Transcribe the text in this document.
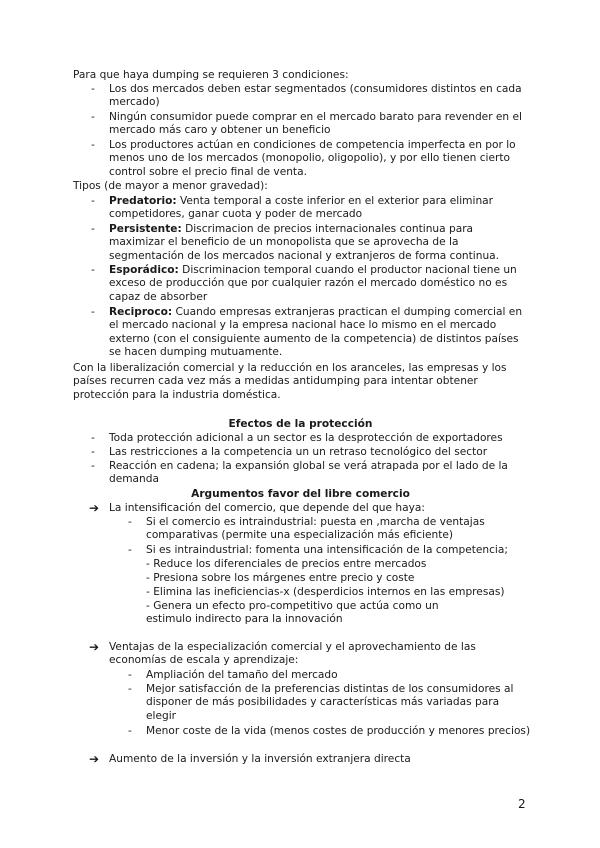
Para que haya dumping se requieren 3 condiciones:
- Los dos mercados deben estar segmentados (consumidores distintos en cada mercado)
- Ningún consumidor puede comprar en el mercado barato para revender en el mercado más caro y obtener un beneficio
- Los productores actúan en condiciones de competencia imperfecta en por lo menos uno de los mercados (monopolio, oligopolio), y por ello tienen cierto control sobre el precio final de venta.
Tipos (de mayor a menor gravedad):
- Predatorio: Venta temporal a coste inferior en el exterior para eliminar competidores, ganar cuota y poder de mercado
- Persistente: Discrimacion de precios internacionales continua para maximizar el beneficio de un monopolista que se aprovecha de la segmentación de los mercados nacional y extranjeros de forma continua.
- Esporádico: Discriminacion temporal cuando el productor nacional tiene un exceso de producción que por cualquier razón el mercado doméstico no es capaz de absorber
- Reciproco: Cuando empresas extranjeras practican el dumping comercial en el mercado nacional y la empresa nacional hace lo mismo en el mercado externo (con el consiguiente aumento de la competencia) de distintos países se hacen dumping mutuamente.
Con la liberalización comercial y la reducción en los aranceles, las empresas y los países recurren cada vez más a medidas antidumping para intentar obtener protección para la industria doméstica.
Efectos de la protección
- Toda protección adicional a un sector es la desprotección de exportadores
- Las restricciones a la competencia un un retraso tecnológico del sector
- Reacción en cadena; la expansión global se verá atrapada por el lado de la demanda
Argumentos favor del libre comercio
➔ La intensificación del comercio, que depende del que haya:
- Si el comercio es intraindustrial: puesta en ,marcha de ventajas comparativas (permite una especialización más eficiente)
- Si es intraindustrial: fomenta una intensificación de la competencia;
- Reduce los diferenciales de precios entre mercados
- Presiona sobre los márgenes entre precio y coste
- Elimina las ineficiencias-x (desperdicios internos en las empresas)
- Genera un efecto pro-competitivo que actúa como un estimulo indirecto para la innovación
➔ Ventajas de la especialización comercial y el aprovechamiento de las economías de escala y aprendizaje:
- Ampliación del tamaño del mercado
- Mejor satisfacción de la preferencias distintas de los consumidores al disponer de más posibilidades y características más variadas para elegir
- Menor coste de la vida (menos costes de producción y menores precios)
➔ Aumento de la inversión y la inversión extranjera directa
2
